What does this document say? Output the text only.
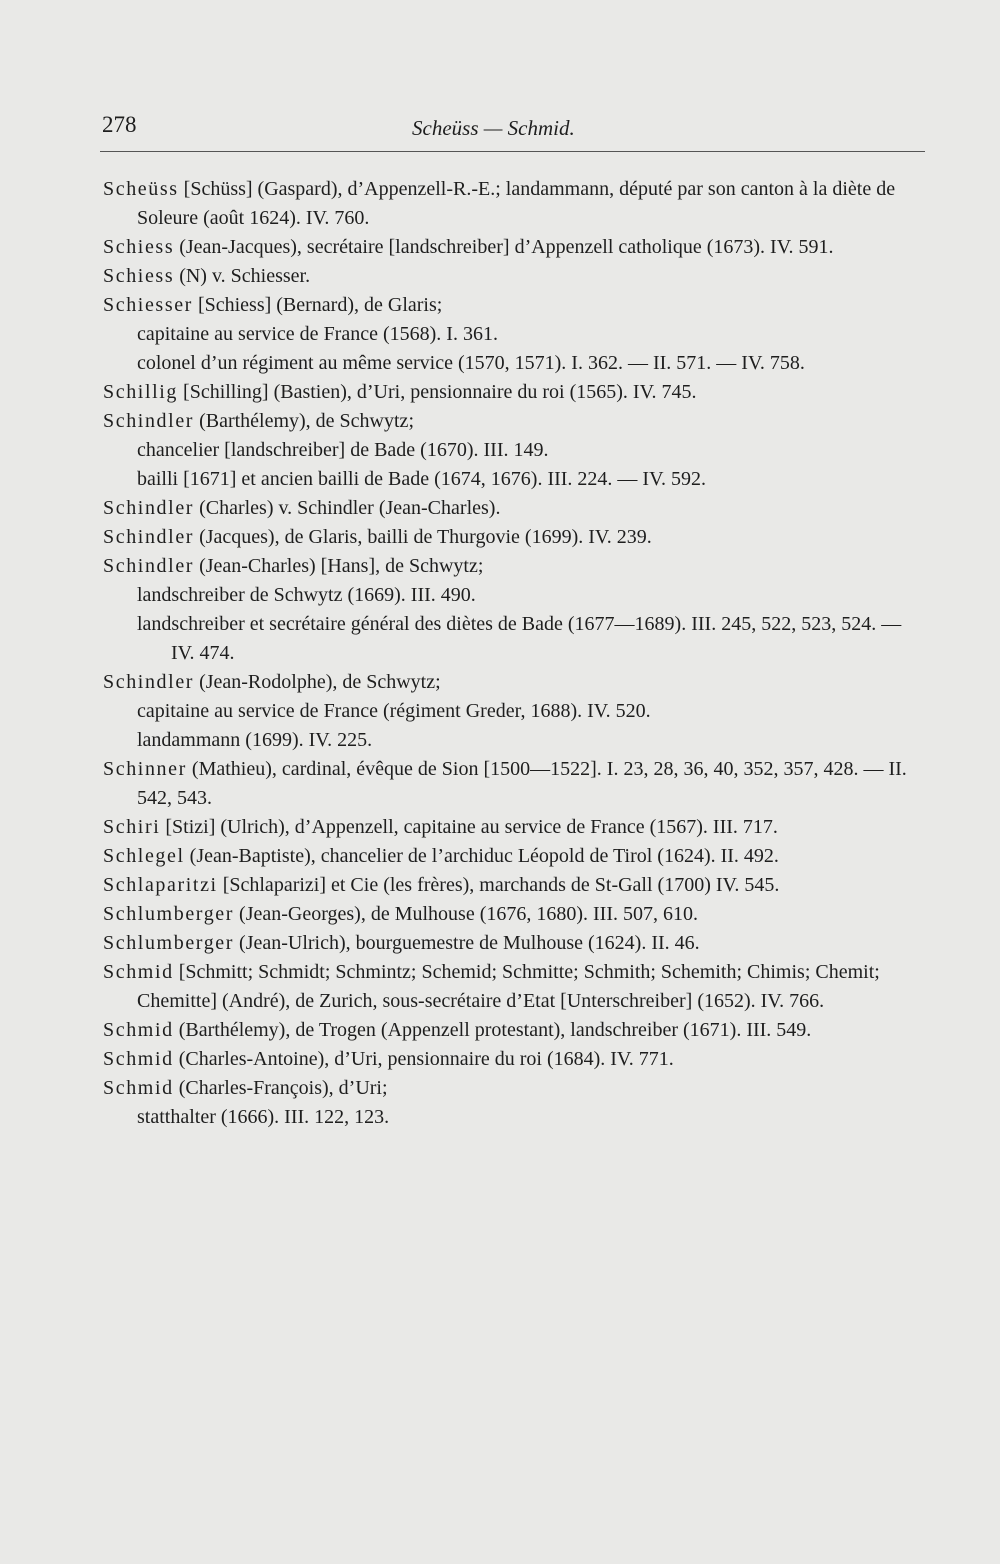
278	Scheüss — Schmid.
Scheüss [Schüss] (Gaspard), d’Appenzell-R.-E.; landammann, député par son canton à la diète de Soleure (août 1624). IV. 760.
Schiess (Jean-Jacques), secrétaire [landschreiber] d’Appenzell catholique (1673). IV. 591.
Schiess (N) v. Schiesser.
Schiesser [Schiess] (Bernard), de Glaris;
capitaine au service de France (1568). I. 361.
colonel d’un régiment au même service (1570, 1571). I. 362. — II. 571. — IV. 758.
Schillig [Schilling] (Bastien), d’Uri, pensionnaire du roi (1565). IV. 745.
Schindler (Barthélemy), de Schwytz;
chancelier [landschreiber] de Bade (1670). III. 149.
bailli [1671] et ancien bailli de Bade (1674, 1676). III. 224. — IV. 592.
Schindler (Charles) v. Schindler (Jean-Charles).
Schindler (Jacques), de Glaris, bailli de Thurgovie (1699). IV. 239.
Schindler (Jean-Charles) [Hans], de Schwytz;
landschreiber de Schwytz (1669). III. 490.
landschreiber et secrétaire général des diètes de Bade (1677—1689). III. 245, 522, 523, 524. — IV. 474.
Schindler (Jean-Rodolphe), de Schwytz;
capitaine au service de France (régiment Greder, 1688). IV. 520.
landammann (1699). IV. 225.
Schinner (Mathieu), cardinal, évêque de Sion [1500—1522]. I. 23, 28, 36, 40, 352, 357, 428. — II. 542, 543.
Schiri [Stizi] (Ulrich), d’Appenzell, capitaine au service de France (1567). III. 717.
Schlegel (Jean-Baptiste), chancelier de l’archiduc Léopold de Tirol (1624). II. 492.
Schlaparitzi [Schlaparizi] et Cie (les frères), marchands de St-Gall (1700) IV. 545.
Schlumberger (Jean-Georges), de Mulhouse (1676, 1680). III. 507, 610.
Schlumberger (Jean-Ulrich), bourguemestre de Mulhouse (1624). II. 46.
Schmid [Schmitt; Schmidt; Schmintz; Schemid; Schmitte; Schmith; Schemith; Chimis; Chemit; Chemitte] (André), de Zurich, sous-secrétaire d’Etat [Unterschreiber] (1652). IV. 766.
Schmid (Barthélemy), de Trogen (Appenzell protestant), landschreiber (1671). III. 549.
Schmid (Charles-Antoine), d’Uri, pensionnaire du roi (1684). IV. 771.
Schmid (Charles-François), d’Uri;
statthalter (1666). III. 122, 123.
